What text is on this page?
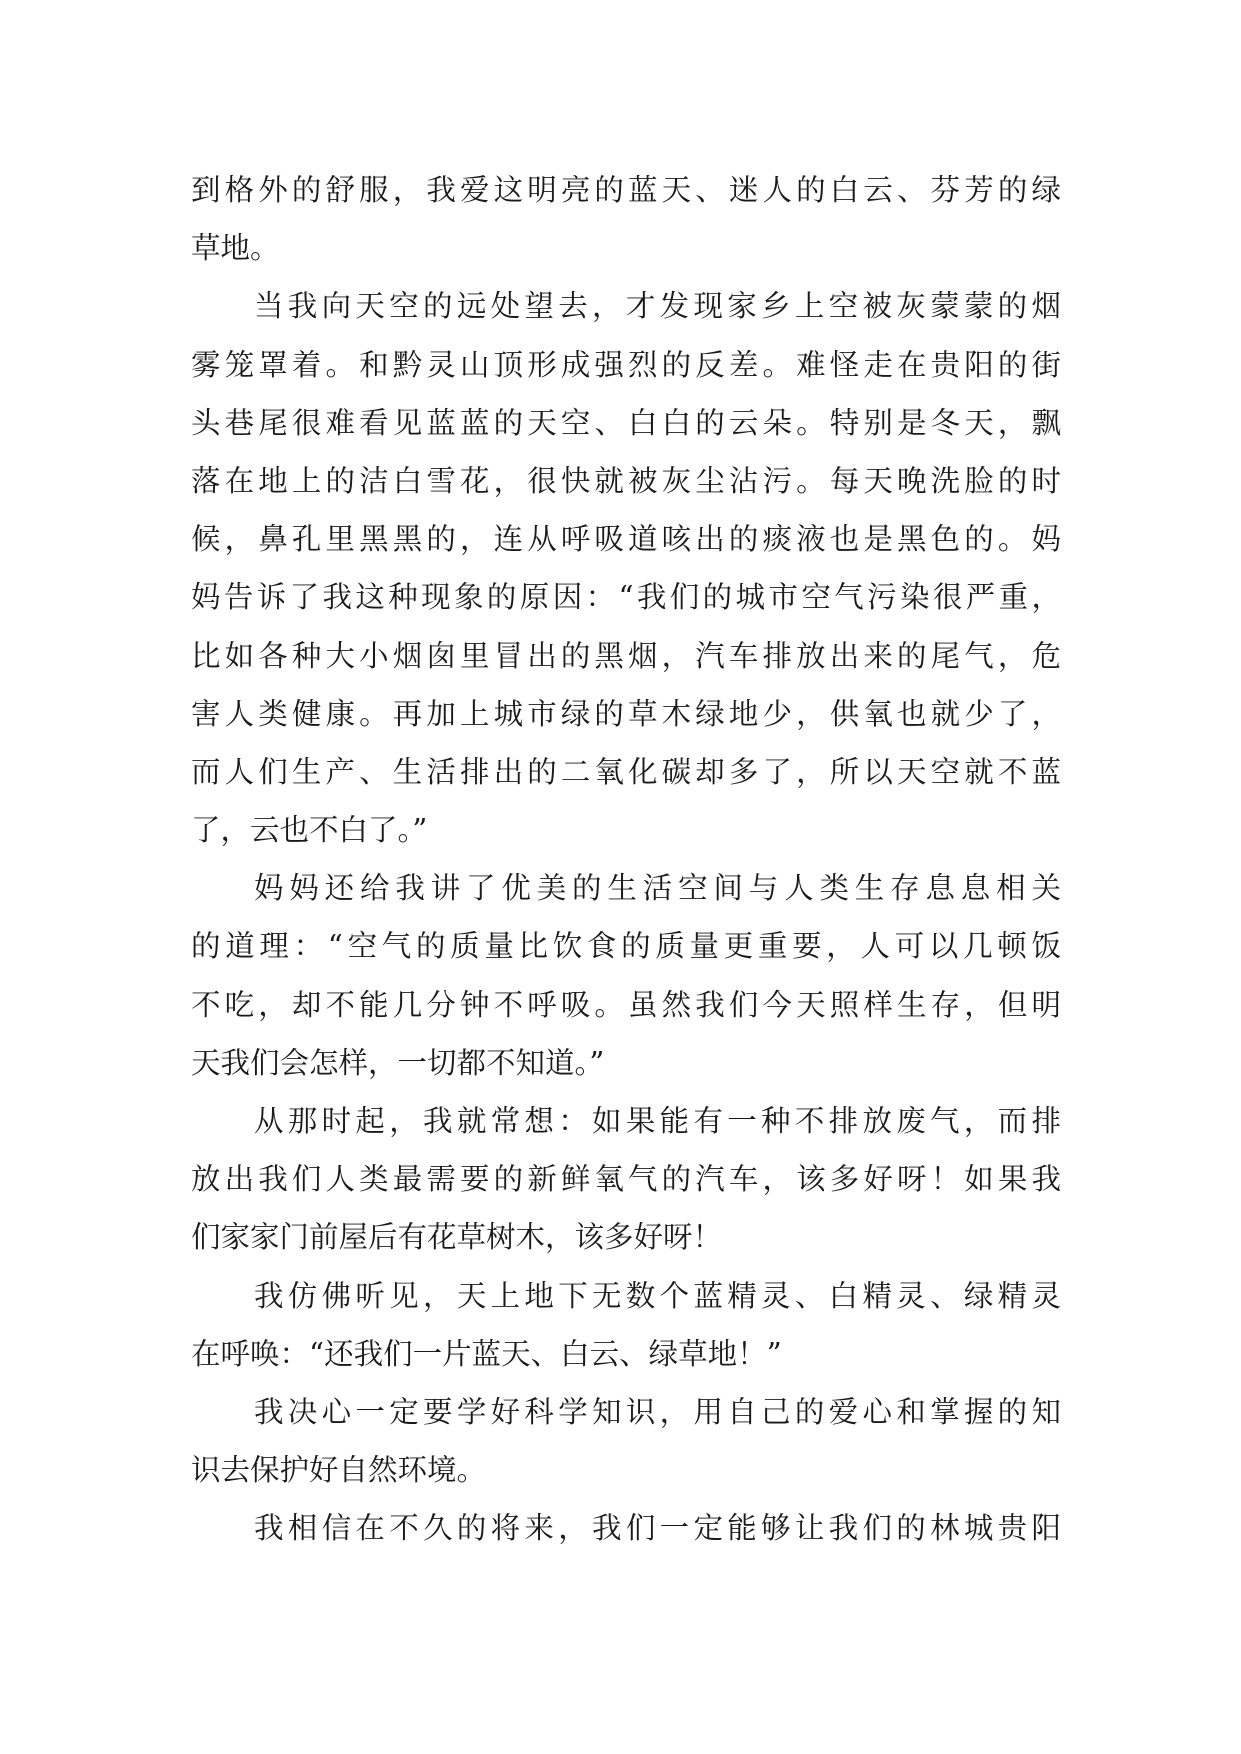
到格外的舒服，我爱这明亮的蓝天、迷人的白云、芬芳的绿
草地。
当我向天空的远处望去，才发现家乡上空被灰蒙蒙的烟
雾笼罩着。和黔灵山顶形成强烈的反差。难怪走在贵阳的街
头巷尾很难看见蓝蓝的天空、白白的云朵。特别是冬天，飘
落在地上的洁白雪花，很快就被灰尘沾污。每天晚洗脸的时
候，鼻孔里黑黑的，连从呼吸道咳出的痰液也是黑色的。妈
妈告诉了我这种现象的原因：“我们的城市空气污染很严重，
比如各种大小烟囱里冒出的黑烟，汽车排放出来的尾气，危
害人类健康。再加上城市绿的草木绿地少，供氧也就少了，
而人们生产、生活排出的二氧化碳却多了，所以天空就不蓝
了，云也不白了。”
妈妈还给我讲了优美的生活空间与人类生存息息相关
的道理：“空气的质量比饮食的质量更重要，人可以几顿饭
不吃，却不能几分钟不呼吸。虽然我们今天照样生存，但明
天我们会怎样，一切都不知道。”
从那时起，我就常想：如果能有一种不排放废气，而排
放出我们人类最需要的新鲜氧气的汽车，该多好呀！如果我
们家家门前屋后有花草树木，该多好呀！
我仿佛听见，天上地下无数个蓝精灵、白精灵、绿精灵
在呼唤：“还我们一片蓝天、白云、绿草地！”
我决心一定要学好科学知识，用自己的爱心和掌握的知
识去保护好自然环境。
我相信在不久的将来，我们一定能够让我们的林城贵阳
